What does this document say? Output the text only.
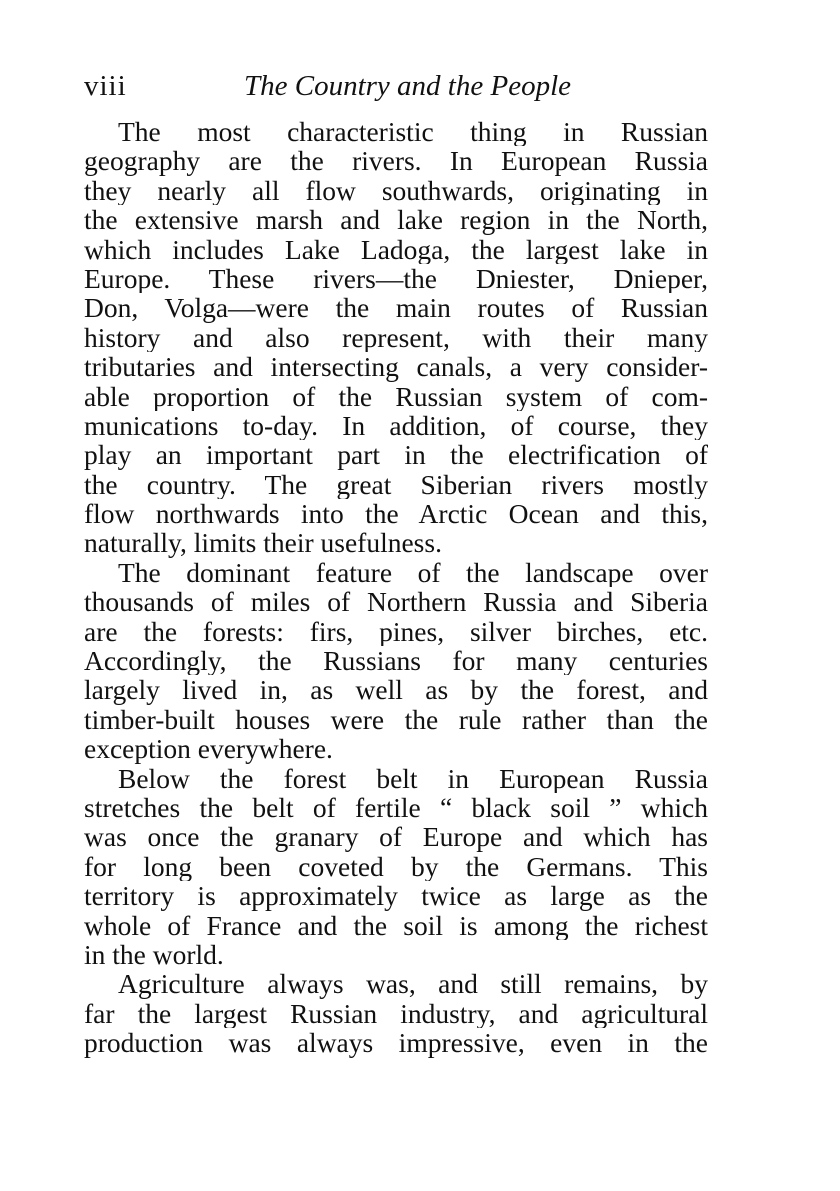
viii	The Country and the People
The most characteristic thing in Russian
geography are the rivers. In European Russia
they nearly all flow southwards, originating in
the extensive marsh and lake region in the North,
which includes Lake Ladoga, the largest lake in
Europe. These rivers—the Dniester, Dnieper,
Don, Volga—were the main routes of Russian
history and also represent, with their many
tributaries and intersecting canals, a very consider-
able proportion of the Russian system of com-
munications to-day. In addition, of course, they
play an important part in the electrification of
the country. The great Siberian rivers mostly
flow northwards into the Arctic Ocean and this,
naturally, limits their usefulness.
The dominant feature of the landscape over
thousands of miles of Northern Russia and Siberia
are the forests: firs, pines, silver birches, etc.
Accordingly, the Russians for many centuries
largely lived in, as well as by the forest, and
timber-built houses were the rule rather than the
exception everywhere.
Below the forest belt in European Russia
stretches the belt of fertile “ black soil ” which
was once the granary of Europe and which has
for long been coveted by the Germans. This
territory is approximately twice as large as the
whole of France and the soil is among the richest
in the world.
Agriculture always was, and still remains, by
far the largest Russian industry, and agricultural
production was always impressive, even in the
